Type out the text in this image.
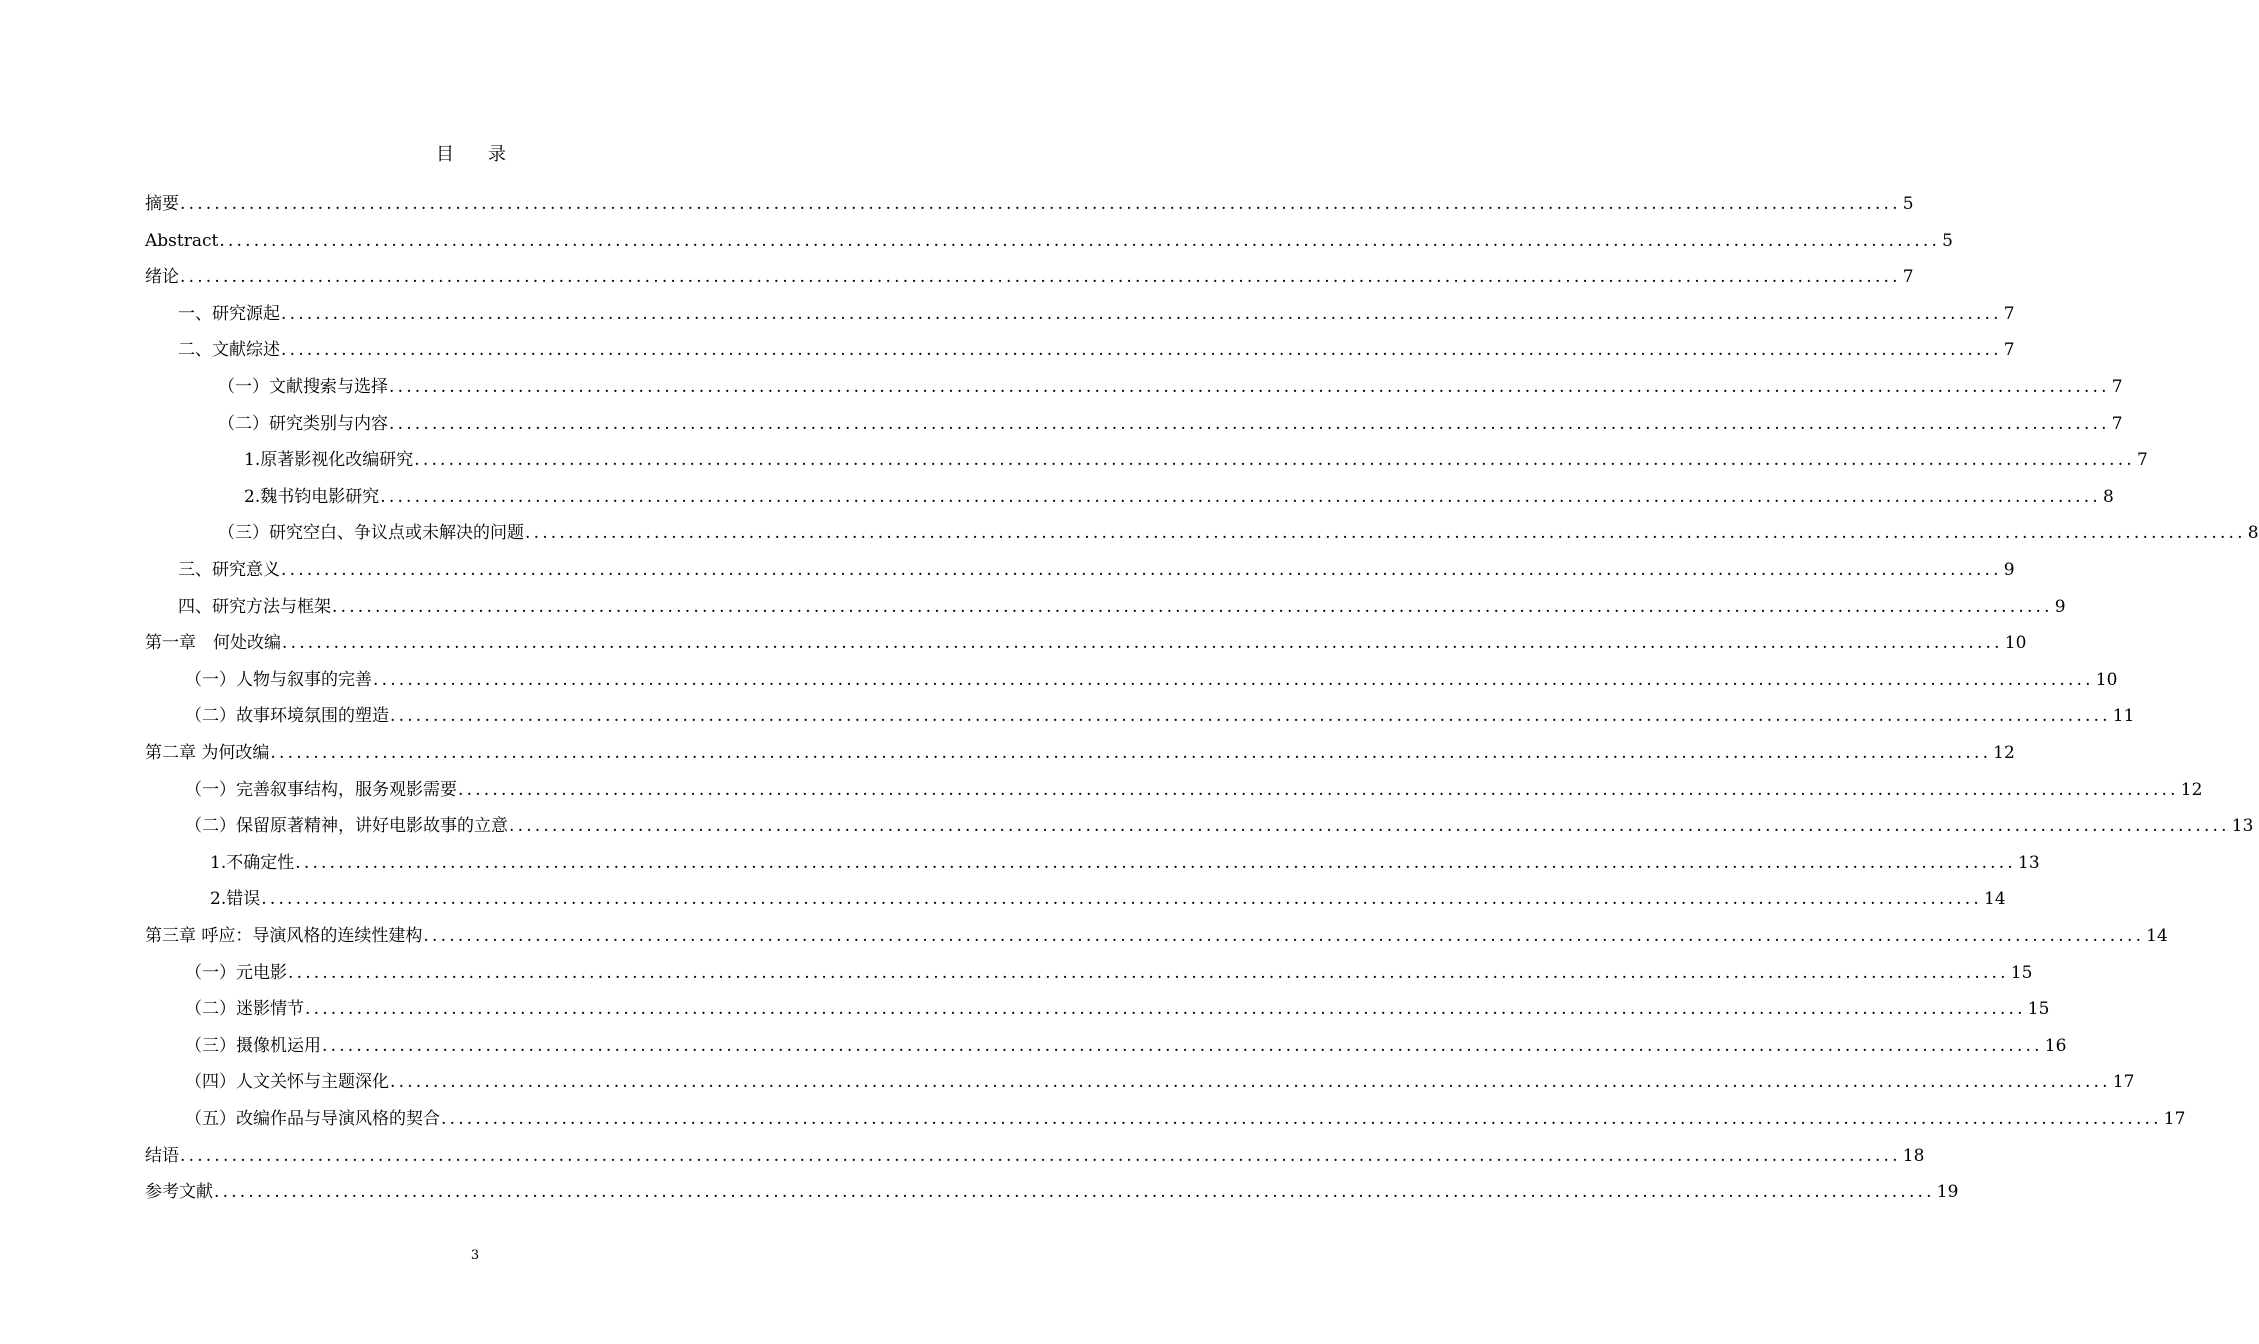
目　录
摘要 ........................................................................................................................................................................................................ 5
Abstract ........................................................................................................................................................................................................ 5
绪论 ........................................................................................................................................................................................................ 7
一、研究源起 ........................................................................................................................................................................................................ 7
二、文献综述 ........................................................................................................................................................................................................ 7
（一）文献搜索与选择 ........................................................................................................................................................................................................ 7
（二）研究类别与内容 ........................................................................................................................................................................................................ 7
1.原著影视化改编研究 ........................................................................................................................................................................................................ 7
2.魏书钧电影研究 ........................................................................................................................................................................................................ 8
（三）研究空白、争议点或未解决的问题 ........................................................................................................................................................................................................ 8
三、研究意义 ........................................................................................................................................................................................................ 9
四、研究方法与框架 ........................................................................................................................................................................................................ 9
第一章　何处改编 ........................................................................................................................................................................................................ 10
（一）人物与叙事的完善 ........................................................................................................................................................................................................ 10
（二）故事环境氛围的塑造 ........................................................................................................................................................................................................ 11
第二章 为何改编 ........................................................................................................................................................................................................ 12
（一）完善叙事结构，服务观影需要 ........................................................................................................................................................................................................ 12
（二）保留原著精神，讲好电影故事的立意 ........................................................................................................................................................................................................ 13
1.不确定性 ........................................................................................................................................................................................................ 13
2.错误 ........................................................................................................................................................................................................ 14
第三章 呼应：导演风格的连续性建构 ........................................................................................................................................................................................................ 14
（一）元电影 ........................................................................................................................................................................................................ 15
（二）迷影情节 ........................................................................................................................................................................................................ 15
（三）摄像机运用 ........................................................................................................................................................................................................ 16
（四）人文关怀与主题深化 ........................................................................................................................................................................................................ 17
（五）改编作品与导演风格的契合 ........................................................................................................................................................................................................ 17
结语 ........................................................................................................................................................................................................ 18
参考文献 ........................................................................................................................................................................................................ 19
3
